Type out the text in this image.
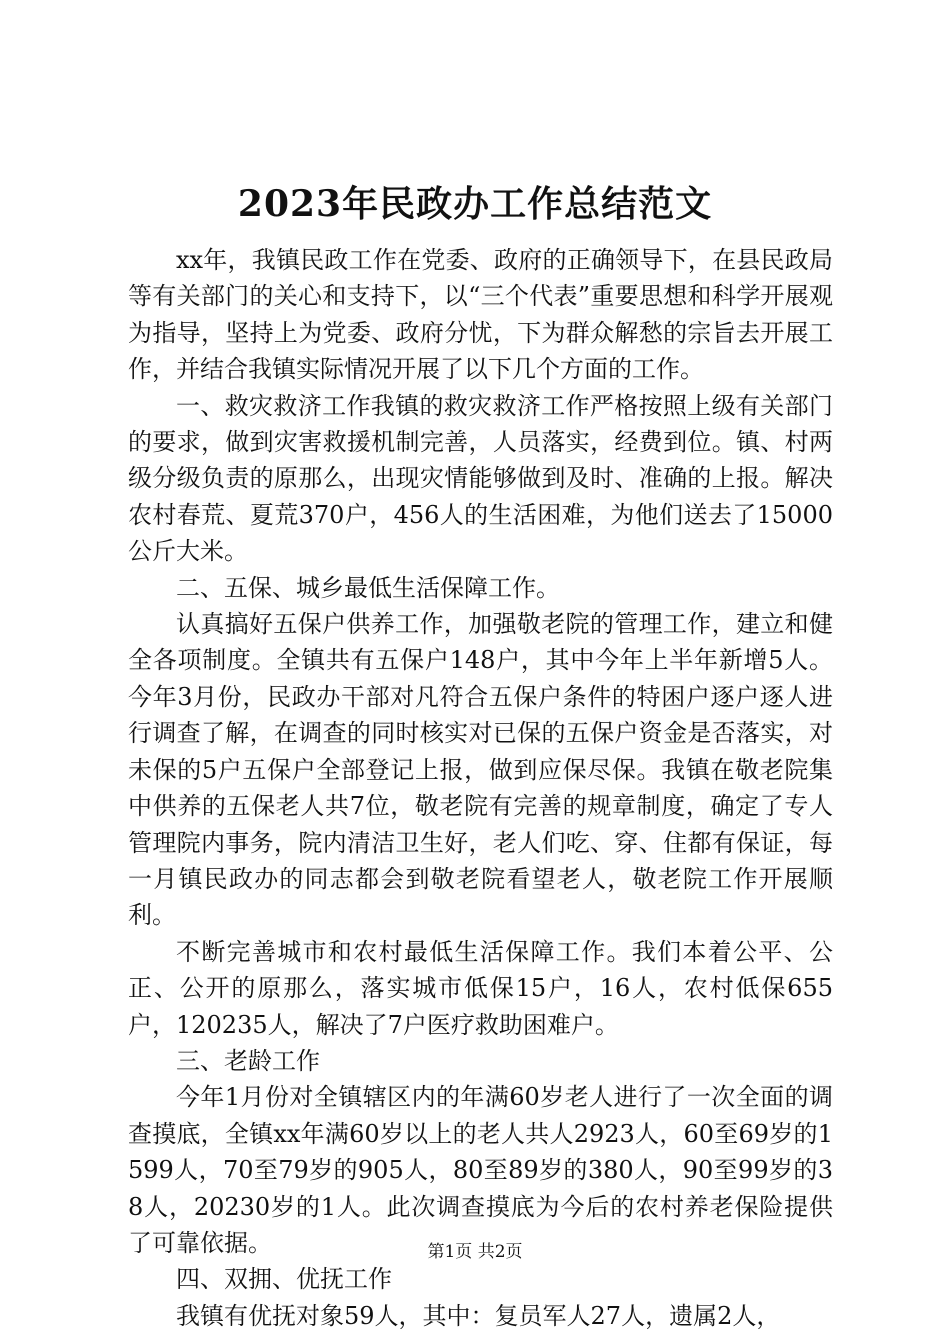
2023年民政办工作总结范文

xx年，我镇民政工作在党委、政府的正确领导下，在县民政局等有关部门的关心和支持下，以“三个代表”重要思想和科学开展观为指导，坚持上为党委、政府分忧，下为群众解愁的宗旨去开展工作，并结合我镇实际情况开展了以下几个方面的工作。

一、救灾救济工作我镇的救灾救济工作严格按照上级有关部门的要求，做到灾害救援机制完善，人员落实，经费到位。镇、村两级分级负责的原那么，出现灾情能够做到及时、准确的上报。解决农村春荒、夏荒370户，456人的生活困难，为他们送去了15000公斤大米。

二、五保、城乡最低生活保障工作。

认真搞好五保户供养工作，加强敬老院的管理工作，建立和健全各项制度。全镇共有五保户148户，其中今年上半年新增5人。今年3月份，民政办干部对凡符合五保户条件的特困户逐户逐人进行调查了解，在调查的同时核实对已保的五保户资金是否落实，对未保的5户五保户全部登记上报，做到应保尽保。我镇在敬老院集中供养的五保老人共7位，敬老院有完善的规章制度，确定了专人管理院内事务，院内清洁卫生好，老人们吃、穿、住都有保证，每一月镇民政办的同志都会到敬老院看望老人，敬老院工作开展顺利。

不断完善城市和农村最低生活保障工作。我们本着公平、公正、公开的原那么，落实城市低保15户，16人，农村低保655户，120235人，解决了7户医疗救助困难户。

三、老龄工作

今年1月份对全镇辖区内的年满60岁老人进行了一次全面的调查摸底，全镇xx年满60岁以上的老人共人2923人，60至69岁的1599人，70至79岁的905人，80至89岁的380人，90至99岁的38人，20230岁的1人。此次调查摸底为今后的农村养老保险提供了可靠依据。

四、双拥、优抚工作

我镇有优抚对象59人，其中：复员军人27人，遗属2人，

第1页 共2页
